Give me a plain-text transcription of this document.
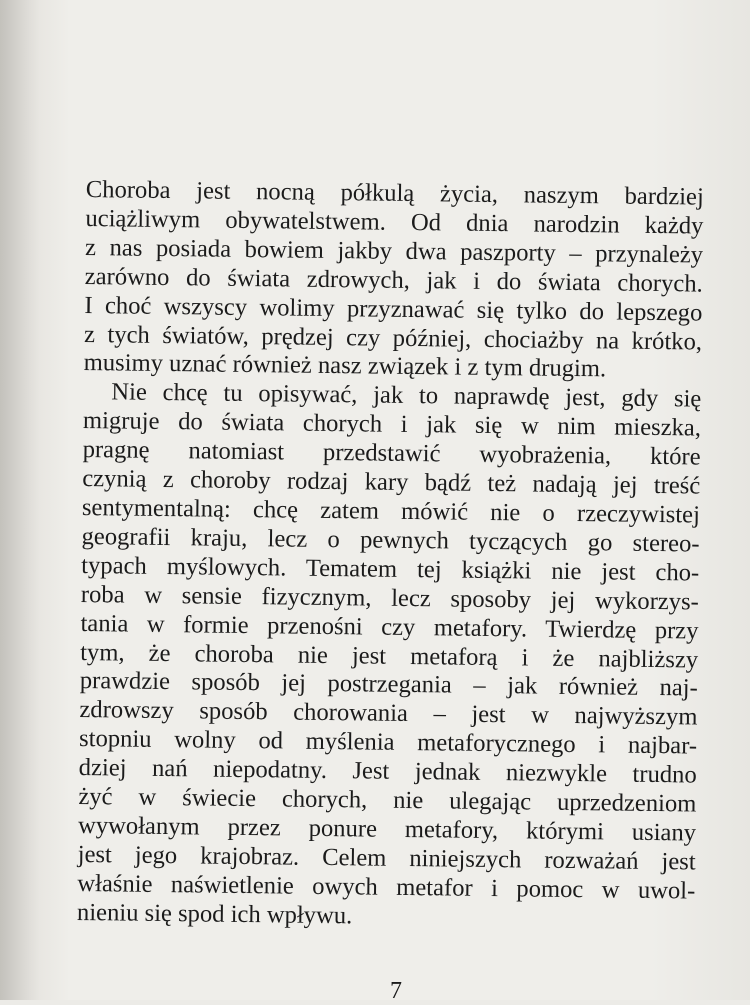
Choroba jest nocną półkulą życia, naszym bardziej
uciążliwym obywatelstwem. Od dnia narodzin każdy
z nas posiada bowiem jakby dwa paszporty – przynależy
zarówno do świata zdrowych, jak i do świata chorych.
I choć wszyscy wolimy przyznawać się tylko do lepszego
z tych światów, prędzej czy później, chociażby na krótko,
musimy uznać również nasz związek i z tym drugim.

Nie chcę tu opisywać, jak to naprawdę jest, gdy się
migruje do świata chorych i jak się w nim mieszka,
pragnę natomiast przedstawić wyobrażenia, które
czynią z choroby rodzaj kary bądź też nadają jej treść
sentymentalną: chcę zatem mówić nie o rzeczywistej
geografii kraju, lecz o pewnych tyczących go stereo-
typach myślowych. Tematem tej książki nie jest cho-
roba w sensie fizycznym, lecz sposoby jej wykorzys-
tania w formie przenośni czy metafory. Twierdzę przy
tym, że choroba nie jest metaforą i że najbliższy
prawdzie sposób jej postrzegania – jak również naj-
zdrowszy sposób chorowania – jest w najwyższym
stopniu wolny od myślenia metaforycznego i najbar-
dziej nań niepodatny. Jest jednak niezwykle trudno
żyć w świecie chorych, nie ulegając uprzedzeniom
wywołanym przez ponure metafory, którymi usiany
jest jego krajobraz. Celem niniejszych rozważań jest
właśnie naświetlenie owych metafor i pomoc w uwol-
nieniu się spod ich wpływu.

7
